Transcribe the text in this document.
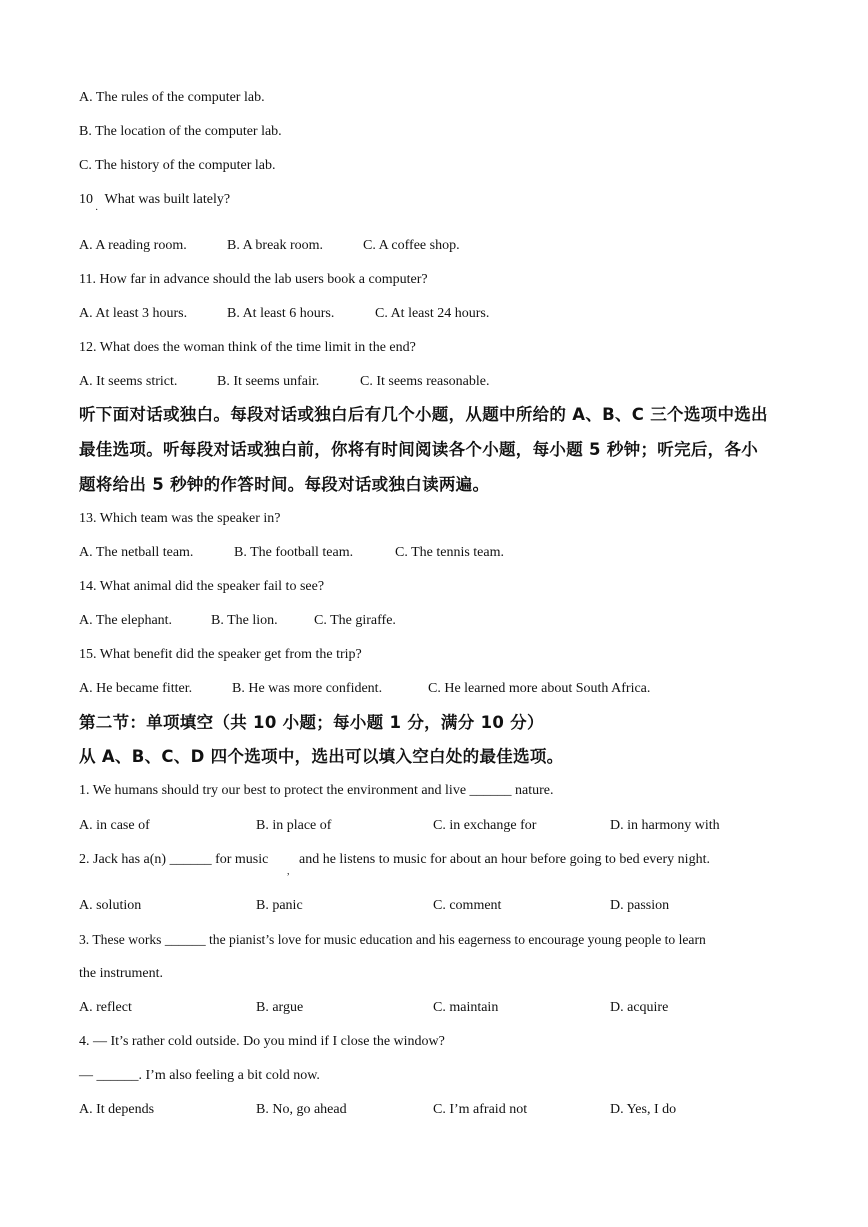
A. The rules of the computer lab.
B. The location of the computer lab.
C. The history of the computer lab.
10 What was built lately?
·
A. A reading room.	B. A break room.	C. A coffee shop.
11. How far in advance should the lab users book a computer?
A. At least 3 hours.	B. At least 6 hours.	C. At least 24 hours.
12. What does the woman think of the time limit in the end?
A. It seems strict.	B. It seems unfair.	C. It seems reasonable.
听下面对话或独白。每段对话或独白后有几个小题，从题中所给的 A、B、C 三个选项中选出
最佳选项。听每段对话或独白前，你将有时间阅读各个小题，每小题 5 秒钟；听完后，各小
题将给出 5 秒钟的作答时间。每段对话或独白读两遍。
13. Which team was the speaker in?
A. The netball team.	B. The football team.	C. The tennis team.
14. What animal did the speaker fail to see?
A. The elephant.	B. The lion.	C. The giraffe.
15. What benefit did the speaker get from the trip?
A. He became fitter.	B. He was more confident.	C. He learned more about South Africa.
第二节：单项填空（共 10 小题；每小题 1 分，满分 10 分）
从 A、B、C、D 四个选项中，选出可以填入空白处的最佳选项。
1. We humans should try our best to protect the environment and live ______ nature.
A. in case of	B. in place of	C. in exchange for	D. in harmony with
2. Jack has a(n) ______ for music and he listens to music for about an hour before going to bed every night.
,
A. solution	B. panic	C. comment	D. passion
3. These works ______ the pianist’s love for music education and his eagerness to encourage young people to learn
the instrument.
A. reflect	B. argue	C. maintain	D. acquire
4. — It’s rather cold outside. Do you mind if I close the window?
— ______. I’m also feeling a bit cold now.
A. It depends	B. No, go ahead	C. I’m afraid not	D. Yes, I do
